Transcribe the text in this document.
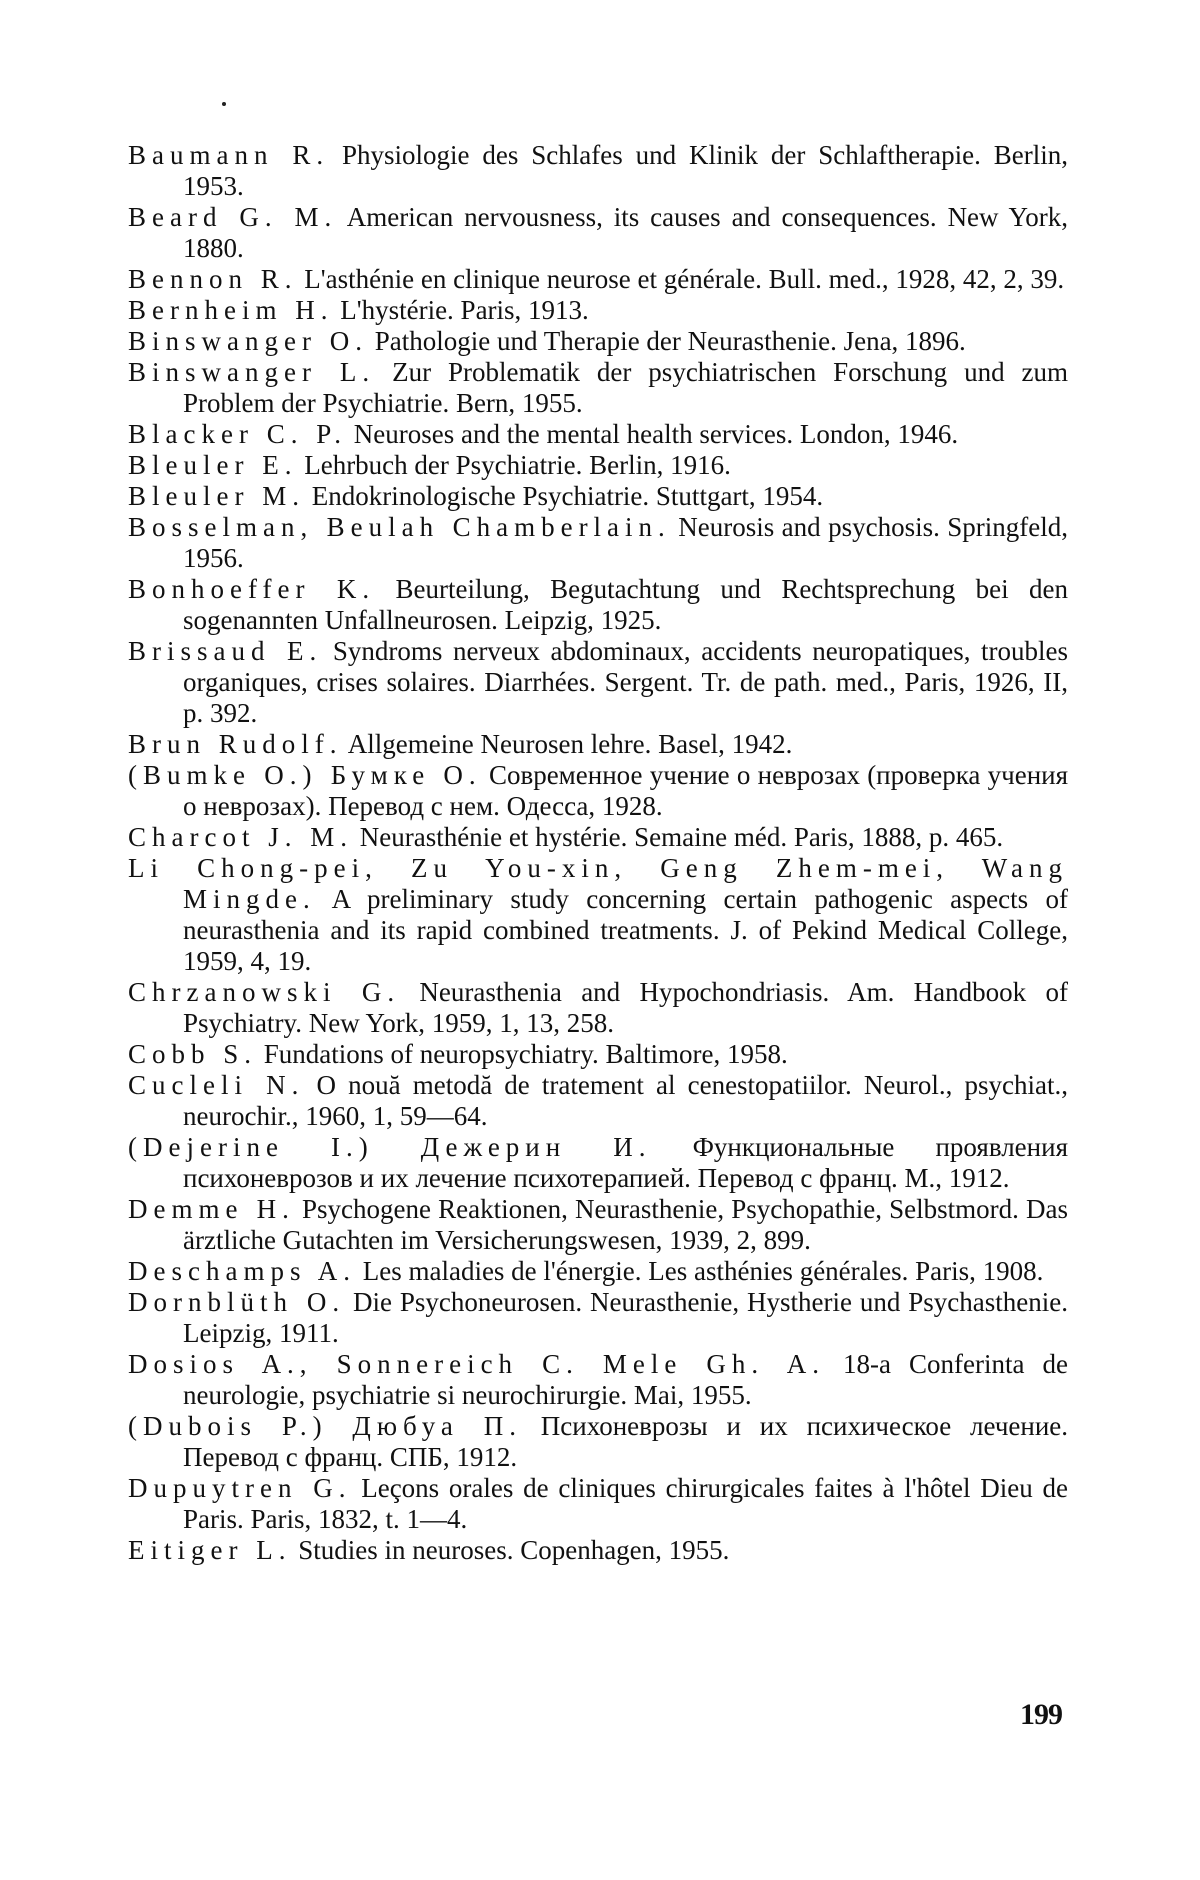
Baumann R. Physiologie des Schlafes und Klinik der Schlaftherapie. Berlin, 1953.
Beard G. M. American nervousness, its causes and consequences. New York, 1880.
Bennon R. L'asthénie en clinique neurose et générale. Bull. med., 1928, 42, 2, 39.
Bernheim H. L'hystérie. Paris, 1913.
Binswanger O. Pathologie und Therapie der Neurasthenie. Jena, 1896.
Binswanger L. Zur Problematik der psychiatrischen Forschung und zum Problem der Psychiatrie. Bern, 1955.
Blacker C. P. Neuroses and the mental health services. London, 1946.
Bleuler E. Lehrbuch der Psychiatrie. Berlin, 1916.
Bleuler M. Endokrinologische Psychiatrie. Stuttgart, 1954.
Bosselman, Beulah Chamberlain. Neurosis and psychosis. Springfeld, 1956.
Bonhoeffer K. Beurteilung, Begutachtung und Rechtsprechung bei den sogenannten Unfallneurosen. Leipzig, 1925.
Brissaud E. Syndroms nerveux abdominaux, accidents neuropatiques, troubles organiques, crises solaires. Diarrhées. Sergent. Tr. de path. med., Paris, 1926, II, p. 392.
Brun Rudolf. Allgemeine Neurosen lehre. Basel, 1942.
(Bumke O.) Бумке О. Современное учение о неврозах (проверка учения о неврозах). Перевод с нем. Одесса, 1928.
Charcot J. M. Neurasthénie et hystérie. Semaine méd. Paris, 1888, p. 465.
Li Chong-pei, Zu You-xin, Geng Zhem-mei, Wang Mingde. A preliminary study concerning certain pathogenic aspects of neurasthenia and its rapid combined treatments. J. of Pekind Medical College, 1959, 4, 19.
Chrzanowski G. Neurasthenia and Hypochondriasis. Am. Handbook of Psychiatry. New York, 1959, 1, 13, 258.
Cobb S. Fundations of neuropsychiatry. Baltimore, 1958.
Cucleli N. O nouă metodă de tratement al cenestopatiilor. Neurol., psychiat., neurochir., 1960, 1, 59—64.
(Dejerine I.) Дежерин И. Функциональные проявления психоневрозов и их лечение психотерапией. Перевод с франц. М., 1912.
Demme H. Psychogene Reaktionen, Neurasthenie, Psychopathie, Selbstmord. Das ärztliche Gutachten im Versicherungswesen, 1939, 2, 899.
Deschamps A. Les maladies de l'énergie. Les asthénies générales. Paris, 1908.
Dornblüth O. Die Psychoneurosen. Neurasthenie, Hystherie und Psychasthenie. Leipzig, 1911.
Dosios A., Sonnereich C. Mele Gh. A. 18-a Conferinta de neurologie, psychiatrie si neurochirurgie. Mai, 1955.
(Dubois P.) Дюбуа П. Психоневрозы и их психическое лечение. Перевод с франц. СПБ, 1912.
Dupuytren G. Leçons orales de cliniques chirurgicales faites à l'hôtel Dieu de Paris. Paris, 1832, t. 1—4.
Eitiger L. Studies in neuroses. Copenhagen, 1955.
199
